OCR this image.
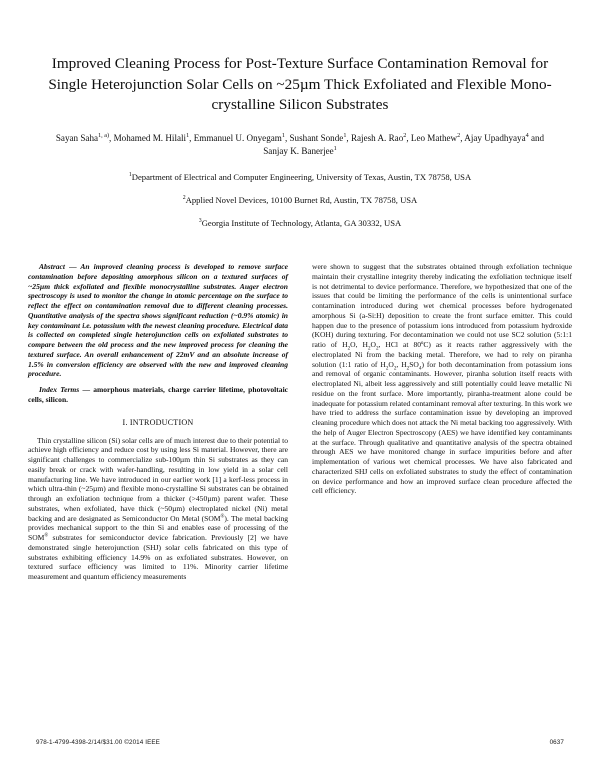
Improved Cleaning Process for Post-Texture Surface Contamination Removal for Single Heterojunction Solar Cells on ~25µm Thick Exfoliated and Flexible Mono-crystalline Silicon Substrates
Sayan Saha$^{1, a)}$, Mohamed M. Hilali$^1$, Emmanuel U. Onyegam$^1$, Sushant Sonde$^1$, Rajesh A. Rao$^2$, Leo Mathew$^2$, Ajay Upadhyaya$^4$ and Sanjay K. Banerjee$^1$
$^1$Department of Electrical and Computer Engineering, University of Texas, Austin, TX 78758, USA
$^2$Applied Novel Devices, 10100 Burnet Rd, Austin, TX 78758, USA
$^3$Georgia Institute of Technology, Atlanta, GA 30332, USA

Abstract — An improved cleaning process is developed to remove surface contamination before depositing amorphous silicon on a textured surfaces of ~25µm thick exfoliated and flexible monocrystalline substrates. Auger electron spectroscopy is used to monitor the change in atomic percentage on the surface to reflect the effect on contamination removal due to different cleaning processes. Quantitative analysis of the spectra shows significant reduction (~0.9% atomic) in key contaminant i.e. potassium with the newest cleaning procedure. Electrical data is collected on completed single heterojunction cells on exfoliated substrates to compare between the old process and the new improved process for cleaning the textured surface. An overall enhancement of 22mV and an absolute increase of 1.5% in conversion efficiency are observed with the new and improved cleaning procedure.

Index Terms — amorphous materials, charge carrier lifetime, photovoltaic cells, silicon.

I. INTRODUCTION

Thin crystalline silicon (Si) solar cells are of much interest due to their potential to achieve high efficiency and reduce cost by using less Si material. However, there are significant challenges to commercialize sub-100µm thin Si substrates as they can easily break or crack with wafer-handling, resulting in low yield in a solar cell manufacturing line. We have introduced in our earlier work [1] a kerf-less process in which ultra-thin (~25µm) and flexible mono-crystalline Si substrates can be obtained through an exfoliation technique from a thicker (>450µm) parent wafer. These substrates, when exfoliated, have thick (~50µm) electroplated nickel (Ni) metal backing and are designated as Semiconductor On Metal (SOM®). The metal backing provides mechanical support to the thin Si and enables ease of processing of the SOM® substrates for semiconductor device fabrication. Previously [2] we have demonstrated single heterojunction (SHJ) solar cells fabricated on this type of substrates exhibiting efficiency 14.9% on as exfoliated substrates. However, on textured surface efficiency was limited to 11%. Minority carrier lifetime measurement and quantum efficiency measurements

were shown to suggest that the substrates obtained through exfoliation technique maintain their crystalline integrity thereby indicating the exfoliation technique itself is not detrimental to device performance. Therefore, we hypothesized that one of the issues that could be limiting the performance of the cells is unintentional surface contamination introduced during wet chemical processes before hydrogenated amorphous Si (a-Si:H) deposition to create the front surface emitter. This could happen due to the presence of potassium ions introduced from potassium hydroxide (KOH) during texturing. For decontamination we could not use SC2 solution (5:1:1 ratio of $H_2O$, $H_2O_2$, HCl at 80ºC) as it reacts rather aggressively with the electroplated Ni from the backing metal. Therefore, we had to rely on piranha solution (1:1 ratio of $H_2O_2$, $H_2SO_4$) for both decontamination from potassium ions and removal of organic contaminants. However, piranha solution itself reacts with electroplated Ni, albeit less aggressively and still potentially could leave metallic Ni residue on the front surface. More importantly, piranha-treatment alone could be inadequate for potassium related contaminant removal after texturing. In this work we have tried to address the surface contamination issue by developing an improved cleaning procedure which does not attack the Ni metal backing too aggressively. With the help of Auger Electron Spectroscopy (AES) we have identified key contaminants at the surface. Through qualitative and quantitative analysis of the spectra obtained through AES we have monitored change in surface impurities before and after implementation of various wet chemical processes. We have also fabricated and characterized SHJ cells on exfoliated substrates to study the effect of contamination on device performance and how an improved surface clean procedure affected the cell efficiency.

978-1-4799-4398-2/14/$31.00 ©2014 IEEE	0637
